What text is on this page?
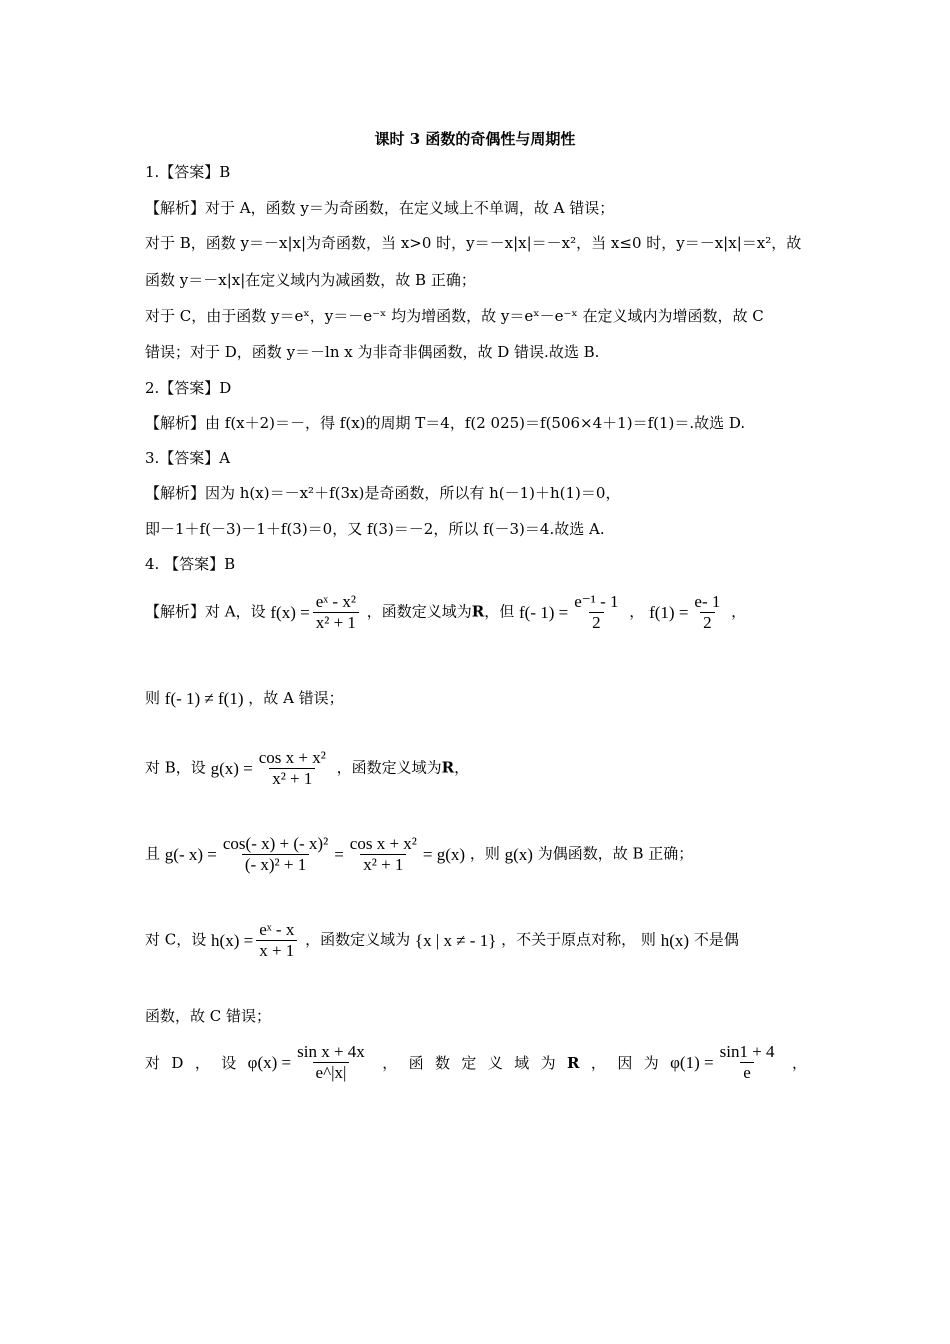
课时 3 函数的奇偶性与周期性
1.【答案】B
【解析】对于 A，函数 y＝为奇函数，在定义域上不单调，故 A 错误；
对于 B，函数 y＝－x|x|为奇函数，当 x>0 时，y＝－x|x|＝－x²，当 x≤0 时，y＝－x|x|＝x²，故
函数 y＝－x|x|在定义域内为减函数，故 B 正确；
对于 C，由于函数 y＝eˣ，y＝－e⁻ˣ 均为增函数，故 y＝eˣ－e⁻ˣ 在定义域内为增函数，故 C
错误；对于 D，函数 y＝－ln x 为非奇非偶函数，故 D 错误.故选 B.
2.【答案】D
【解析】由 f(x＋2)＝－，得 f(x)的周期 T＝4，f(2 025)＝f(506×4＋1)＝f(1)＝.故选 D.
3.【答案】A
【解析】因为 h(x)＝－x²＋f(3x)是奇函数，所以有 h(－1)＋h(1)＝0，
即－1＋f(－3)－1＋f(3)＝0，又 f(3)＝－2，所以 f(－3)＝4.故选 A.
4. 【答案】B
【解析】对 A，设 $f(x) = \frac{\text{eˣ - x²}}{\text{x² + 1}}$ ，函数定义域为R，但 f(- $1) = \frac{\text{e⁻¹ - 1}}{2}$ ， $f(1) = \frac{e- 1}{2}$ ，
则 f(- 1) ≠ f(1) ，故 A 错误；
对 B，设 $g(x) = \frac{\text{cos x + x²}}{\text{x² + 1}}$ ，函数定义域为R，
且 g(- $x) = \frac{\text{cos(- x) + (- x)²}}{\text{(- x)² + 1}} = \frac{\text{cos x + x²}}{\text{x² + 1}} = g(x)$ ，则 g(x) 为偶函数，故 B 正确；
对 C，设 $h(x) = \frac{\text{eˣ - x}}{x + 1}$ ，函数定义域为 {x | x ≠ - 1} ，不关于原点对称， 则 h(x) 不是偶
函数，故 C 错误；
对 D ， 设 $\varphi(x) = \frac{\text{sin x + 4x}}{e\^{}|x|}$ ， 函 数 定 义 域 为 R ， 因 为 $\varphi(1) = \frac{\sin 1 + 4}{e}$ ，
